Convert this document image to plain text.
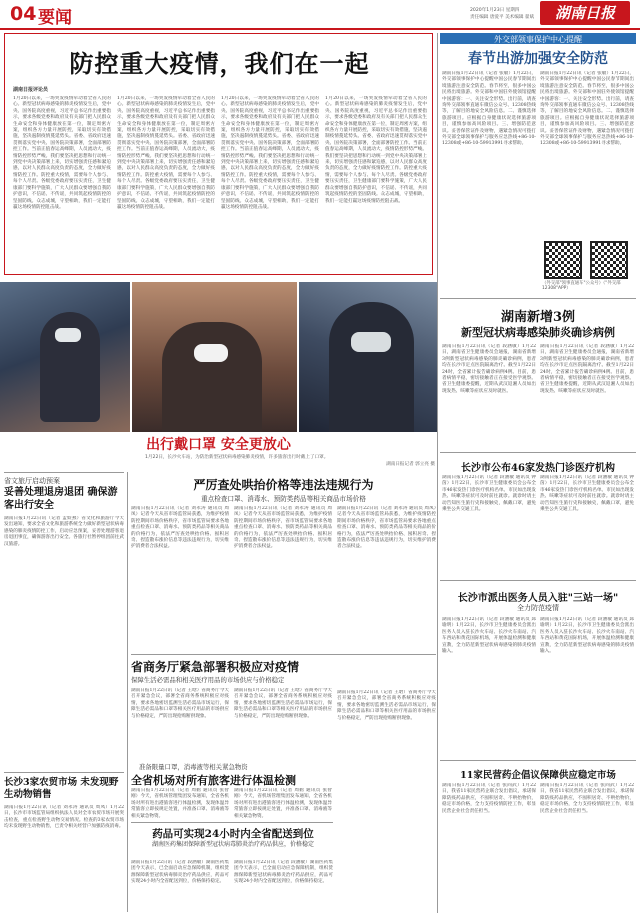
04 要闻	2020年1月23日 星期四
责任编辑 唐爱平 美术编辑 翟斌	湖南日报
防控重大疫情，我们在一起
湖南日报评论员
1月20日以来，一场突发疫情牵动着全省人民的心。新型冠状病毒感染的肺炎疫情发生后，党中央、国务院高度重视，习近平总书记作出重要指示，要求各级党委和政府及有关部门把人民群众生命安全和身体健康放在第一位，制定周密方案，组织各方力量开展防控，采取切实有效措施，坚决遏制疫情蔓延势头。省委、省政府迅速贯彻落实党中央、国务院决策部署，全面部署防控工作。当前正值春运高峰期，人员流动大，疫情防控形势严峻。我们要坚决把思想和行动统一到党中央决策部署上来，切实增强责任感和紧迫感，以对人民群众高度负责的态度，全力做好疫情防控工作。防控重大疫情，需要每个人参与、每个人尽责。各级党委政府要压实责任，卫生健康部门要科学施策，广大人民群众要增强自我防护意识，不信谣、不传谣，共同筑起疫情防控的坚固防线。众志成城，守望相助，我们一定能打赢这场疫情防控阻击战。
1月20日以来，一场突发疫情牵动着全省人民的心。新型冠状病毒感染的肺炎疫情发生后，党中央、国务院高度重视，习近平总书记作出重要指示，要求各级党委和政府及有关部门把人民群众生命安全和身体健康放在第一位，制定周密方案，组织各方力量开展防控，采取切实有效措施，坚决遏制疫情蔓延势头。省委、省政府迅速贯彻落实党中央、国务院决策部署，全面部署防控工作。当前正值春运高峰期，人员流动大，疫情防控形势严峻。我们要坚决把思想和行动统一到党中央决策部署上来，切实增强责任感和紧迫感，以对人民群众高度负责的态度，全力做好疫情防控工作。防控重大疫情，需要每个人参与、每个人尽责。各级党委政府要压实责任，卫生健康部门要科学施策，广大人民群众要增强自我防护意识，不信谣、不传谣，共同筑起疫情防控的坚固防线。众志成城，守望相助，我们一定能打赢这场疫情防控阻击战。
1月20日以来，一场突发疫情牵动着全省人民的心。新型冠状病毒感染的肺炎疫情发生后，党中央、国务院高度重视，习近平总书记作出重要指示，要求各级党委和政府及有关部门把人民群众生命安全和身体健康放在第一位，制定周密方案，组织各方力量开展防控，采取切实有效措施，坚决遏制疫情蔓延势头。省委、省政府迅速贯彻落实党中央、国务院决策部署，全面部署防控工作。当前正值春运高峰期，人员流动大，疫情防控形势严峻。我们要坚决把思想和行动统一到党中央决策部署上来，切实增强责任感和紧迫感，以对人民群众高度负责的态度，全力做好疫情防控工作。防控重大疫情，需要每个人参与、每个人尽责。各级党委政府要压实责任，卫生健康部门要科学施策，广大人民群众要增强自我防护意识，不信谣、不传谣，共同筑起疫情防控的坚固防线。众志成城，守望相助，我们一定能打赢这场疫情防控阻击战。
1月20日以来，一场突发疫情牵动着全省人民的心。新型冠状病毒感染的肺炎疫情发生后，党中央、国务院高度重视，习近平总书记作出重要指示，要求各级党委和政府及有关部门把人民群众生命安全和身体健康放在第一位，制定周密方案，组织各方力量开展防控，采取切实有效措施，坚决遏制疫情蔓延势头。省委、省政府迅速贯彻落实党中央、国务院决策部署，全面部署防控工作。当前正值春运高峰期，人员流动大，疫情防控形势严峻。我们要坚决把思想和行动统一到党中央决策部署上来，切实增强责任感和紧迫感，以对人民群众高度负责的态度，全力做好疫情防控工作。防控重大疫情，需要每个人参与、每个人尽责。各级党委政府要压实责任，卫生健康部门要科学施策，广大人民群众要增强自我防护意识，不信谣、不传谣，共同筑起疫情防控的坚固防线。众志成城，守望相助，我们一定能打赢这场疫情防控阻击战。
外交部领事保护中心提醒
春节出游加强安全防范
湖南日报1月22日讯（记者 张敏）1月22日，外交部领事保护中心提醒中国公民春节期间出境旅游注意安全防范。春节将至，很多中国公民将出境旅游。外交部和中国驻外使领馆提醒中国游客：一、关注安全形势。出行前，请查询外交部领事直通车微信公众号、12308热线等，了解目的地安全风险信息。二、谨慎选择旅游项目。应根据自身健康状况选择旅游项目，谨慎参加高风险项目。三、增强防范意识。妥善保管证件及财物，遇紧急情况可拨打外交部全球领事保护与服务应急热线+86-10-12308或+86-10-59913991寻求帮助。
湖南日报1月22日讯（记者 张敏）1月22日，外交部领事保护中心提醒中国公民春节期间出境旅游注意安全防范。春节将至，很多中国公民将出境旅游。外交部和中国驻外使领馆提醒中国游客：一、关注安全形势。出行前，请查询外交部领事直通车微信公众号、12308热线等，了解目的地安全风险信息。二、谨慎选择旅游项目。应根据自身健康状况选择旅游项目，谨慎参加高风险项目。三、增强防范意识。妥善保管证件及财物，遇紧急情况可拨打外交部全球领事保护与服务应急热线+86-10-12308或+86-10-59913991寻求帮助。
（外交部"领事直通车"公众号）（"外交部12308"APP）
出行戴口罩 安全更放心
1月22日，长沙火车站，为防治新型冠状病毒感染肺炎疫情，许多旅客出行时戴上了口罩。
湖南日报记者 郭立亮 摄
湖南新增3例
新型冠状病毒感染肺炎确诊病例
湖南日报1月22日讯（记者 段涵敏）1月22日，湖南省卫生健康委员会通报，湖南省新增3例新型冠状病毒感染的肺炎确诊病例，患者均在长沙市定点医院隔离治疗。截至1月22日24时，全省累计报告确诊病例4例。目前，患者病情平稳，密切接触者正在接受医学观察。省卫生健康委提醒，近期从武汉返湘人员如出现发热、咳嗽等症状应及时就医。
湖南日报1月22日讯（记者 段涵敏）1月22日，湖南省卫生健康委员会通报，湖南省新增3例新型冠状病毒感染的肺炎确诊病例，患者均在长沙市定点医院隔离治疗。截至1月22日24时，全省累计报告确诊病例4例。目前，患者病情平稳，密切接触者正在接受医学观察。省卫生健康委提醒，近期从武汉返湘人员如出现发热、咳嗽等症状应及时就医。
长沙市公布46家发热门诊医疗机构
湖南日报1月22日讯（记者 段涵敏 通讯员 钟茵）1月22日，长沙市卫生健康委员会公布全市46家发热门诊医疗机构名单。市民如出现发热、咳嗽等症状可及时前往就诊。就诊时请主动告知医生旅行史和接触史，佩戴口罩，避免乘坐公共交通工具。
湖南日报1月22日讯（记者 段涵敏 通讯员 钟茵）1月22日，长沙市卫生健康委员会公布全市46家发热门诊医疗机构名单。市民如出现发热、咳嗽等症状可及时前往就诊。就诊时请主动告知医生旅行史和接触史，佩戴口罩，避免乘坐公共交通工具。
长沙市派出医务人员入驻"三站一场"
全力防范疫情
湖南日报1月22日讯（记者 段涵敏 通讯员 邱瑜明）1月22日，长沙市卫生健康委员会派出医务人员入驻长沙火车站、长沙火车南站、汽车西站和黄花国际机场，开展体温检测和健康宣教，全力防范新型冠状病毒感染的肺炎疫情输入。
湖南日报1月22日讯（记者 段涵敏 通讯员 邱瑜明）1月22日，长沙市卫生健康委员会派出医务人员入驻长沙火车站、长沙火车南站、汽车西站和黄花国际机场，开展体温检测和健康宣教，全力防范新型冠状病毒感染的肺炎疫情输入。
11家民营药企倡议保障供应稳定市场
湖南日报1月22日讯（记者 张尚武）1月22日，我省11家民营药企联合发出倡议，承诺保障防疫药品供应，不囤积居奇、不哄抬物价，稳定市场价格，全力支持疫情防控工作，彰显民营企业社会责任担当。
湖南日报1月22日讯（记者 张尚武）1月22日，我省11家民营药企联合发出倡议，承诺保障防疫药品供应，不囤积居奇、不哄抬物价，稳定市场价格，全力支持疫情防控工作，彰显民营企业社会责任担当。
省文旅厅启动预案
妥善处理退房退团 确保游客出行安全
湖南日报1月22日讯（记者 孟姣燕）省文化和旅游厅今天发出通知，要求全省文化和旅游系统全力做好新型冠状病毒感染的肺炎疫情防控工作，启动应急预案，妥善处理游客退房退团事宜，确保游客出行安全。各旅行社暂停组团前往武汉旅游。
长沙3家农贸市场 未发现野生动物销售
湖南日报1月22日讯（记者 刘永涛 通讯员 周凤）1月22日，长沙市市场监管局组织执法人员对全市农贸市场开展突击检查，重点检查野生动物交易情况。检查的3家农贸市场均未发现野生动物销售，已责令相关经营户加强防疫消毒。
严厉查处哄抬价格等违法违规行为
重点检查口罩、消毒水、预防类药品等相关商品市场价格
湖南日报1月22日讯（记者 刘永涛 通讯员 周凤）记者今天从省市场监管局获悉，为维护疫情防控期间市场价格秩序，省市场监管局要求各地重点检查口罩、消毒水、预防类药品等相关商品的价格行为，依法严厉查处哄抬价格、囤积居奇、捏造散布涨价信息等违法违规行为，切实维护消费者合法权益。
湖南日报1月22日讯（记者 刘永涛 通讯员 周凤）记者今天从省市场监管局获悉，为维护疫情防控期间市场价格秩序，省市场监管局要求各地重点检查口罩、消毒水、预防类药品等相关商品的价格行为，依法严厉查处哄抬价格、囤积居奇、捏造散布涨价信息等违法违规行为，切实维护消费者合法权益。
湖南日报1月22日讯（记者 刘永涛 通讯员 周凤）记者今天从省市场监管局获悉，为维护疫情防控期间市场价格秩序，省市场监管局要求各地重点检查口罩、消毒水、预防类药品等相关商品的价格行为，依法严厉查处哄抬价格、囤积居奇、捏造散布涨价信息等违法违规行为，切实维护消费者合法权益。
省商务厅紧急部署积极应对疫情
保障生活必需品和相关医疗用品的市场供应与价格稳定
湖南日报1月22日讯（记者 王晗）省商务厅今天召开紧急会议，部署全省商务系统积极应对疫情，要求各地密切监测生活必需品市场运行，保障生活必需品和口罩等相关医疗用品的市场供应与价格稳定，严防出现抢购断供现象。
湖南日报1月22日讯（记者 王晗）省商务厅今天召开紧急会议，部署全省商务系统积极应对疫情，要求各地密切监测生活必需品市场运行，保障生活必需品和口罩等相关医疗用品的市场供应与价格稳定，严防出现抢购断供现象。
准备限量口罩，消毒液等相关紧急物资
全省机场对所有旅客进行体温检测
湖南日报1月22日讯（记者 周鹤 通讯员 张智刚）今天，省机场管理集团发布通知，全省各机场对所有进出港旅客进行体温检测，发现体温异常旅客立即按规定处置，并准备口罩、消毒液等相关紧急物资。
湖南日报1月22日讯（记者 周鹤 通讯员 张智刚）今天，省机场管理集团发布通知，全省各机场对所有进出港旅客进行体温检测，发现体温异常旅客立即按规定处置，并准备口罩、消毒液等相关紧急物资。
湖南日报1月22日讯（记者 王晗）省商务厅今天召开紧急会议，部署全省商务系统积极应对疫情，要求各地密切监测生活必需品市场运行，保障生活必需品和口罩等相关医疗用品的市场供应与价格稳定，严防出现抢购断供现象。
药品可实现24小时内全省配送到位
湖南医药集团保障新型冠状病毒肺炎治疗药品供应，价格稳定
湖南日报1月22日讯（记者 段涵敏）湖南医药集团今天表示，已全面启动应急保障机制，组织货源保障新型冠状病毒肺炎治疗药品供应，药品可实现24小时内全省配送到位，价格保持稳定。
湖南日报1月22日讯（记者 段涵敏）湖南医药集团今天表示，已全面启动应急保障机制，组织货源保障新型冠状病毒肺炎治疗药品供应，药品可实现24小时内全省配送到位，价格保持稳定。
